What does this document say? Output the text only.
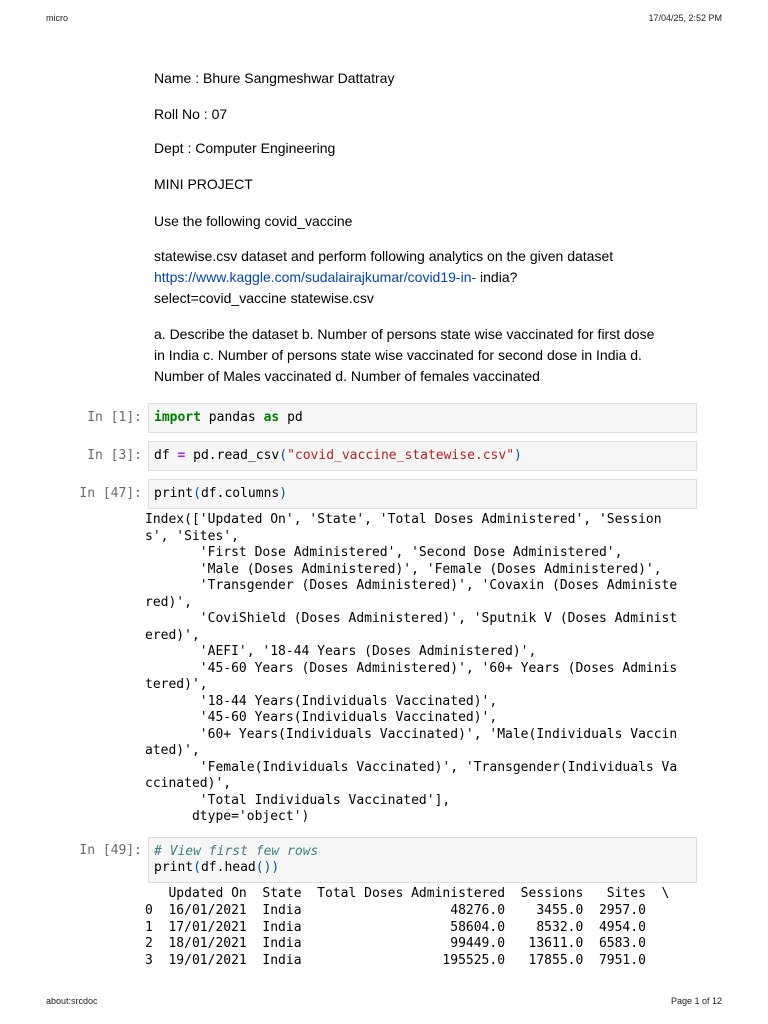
micro	17/04/25, 2:52 PM

Name : Bhure Sangmeshwar Dattatray

Roll No : 07

Dept : Computer Engineering

MINI PROJECT

Use the following covid_vaccine

statewise.csv dataset and perform following analytics on the given dataset

https://www.kaggle.com/sudalairajkumar/covid19-in- india?

select=covid_vaccine statewise.csv

a. Describe the dataset b. Number of persons state wise vaccinated for first dose in India c. Number of persons state wise vaccinated for second dose in India d. Number of Males vaccinated d. Number of females vaccinated

In [1]: import pandas as pd
In [3]: df = pd.read_csv("covid_vaccine_statewise.csv")
In [47]: print(df.columns)
Index(['Updated On', 'State', 'Total Doses Administered', 'Session
s', 'Sites',
'First Dose Administered', 'Second Dose Administered',
'Male (Doses Administered)', 'Female (Doses Administered)',
'Transgender (Doses Administered)', 'Covaxin (Doses Administe
red)',
'CoviShield (Doses Administered)', 'Sputnik V (Doses Administ
ered)',
'AEFI', '18-44 Years (Doses Administered)',
'45-60 Years (Doses Administered)', '60+ Years (Doses Adminis
tered)',
'18-44 Years(Individuals Vaccinated)',
'45-60 Years(Individuals Vaccinated)',
'60+ Years(Individuals Vaccinated)', 'Male(Individuals Vaccin
ated)',
'Female(Individuals Vaccinated)', 'Transgender(Individuals Va
ccinated)',
'Total Individuals Vaccinated'],
dtype='object')
In [49]: # View first few rows
print(df.head())
Updated On  State  Total Doses Administered  Sessions   Sites  \
0  16/01/2021  India                   48276.0    3455.0  2957.0
1  17/01/2021  India                   58604.0    8532.0  4954.0
2  18/01/2021  India                   99449.0   13611.0  6583.0
3  19/01/2021  India                  195525.0   17855.0  7951.0
about:srcdoc	Page 1 of 12
